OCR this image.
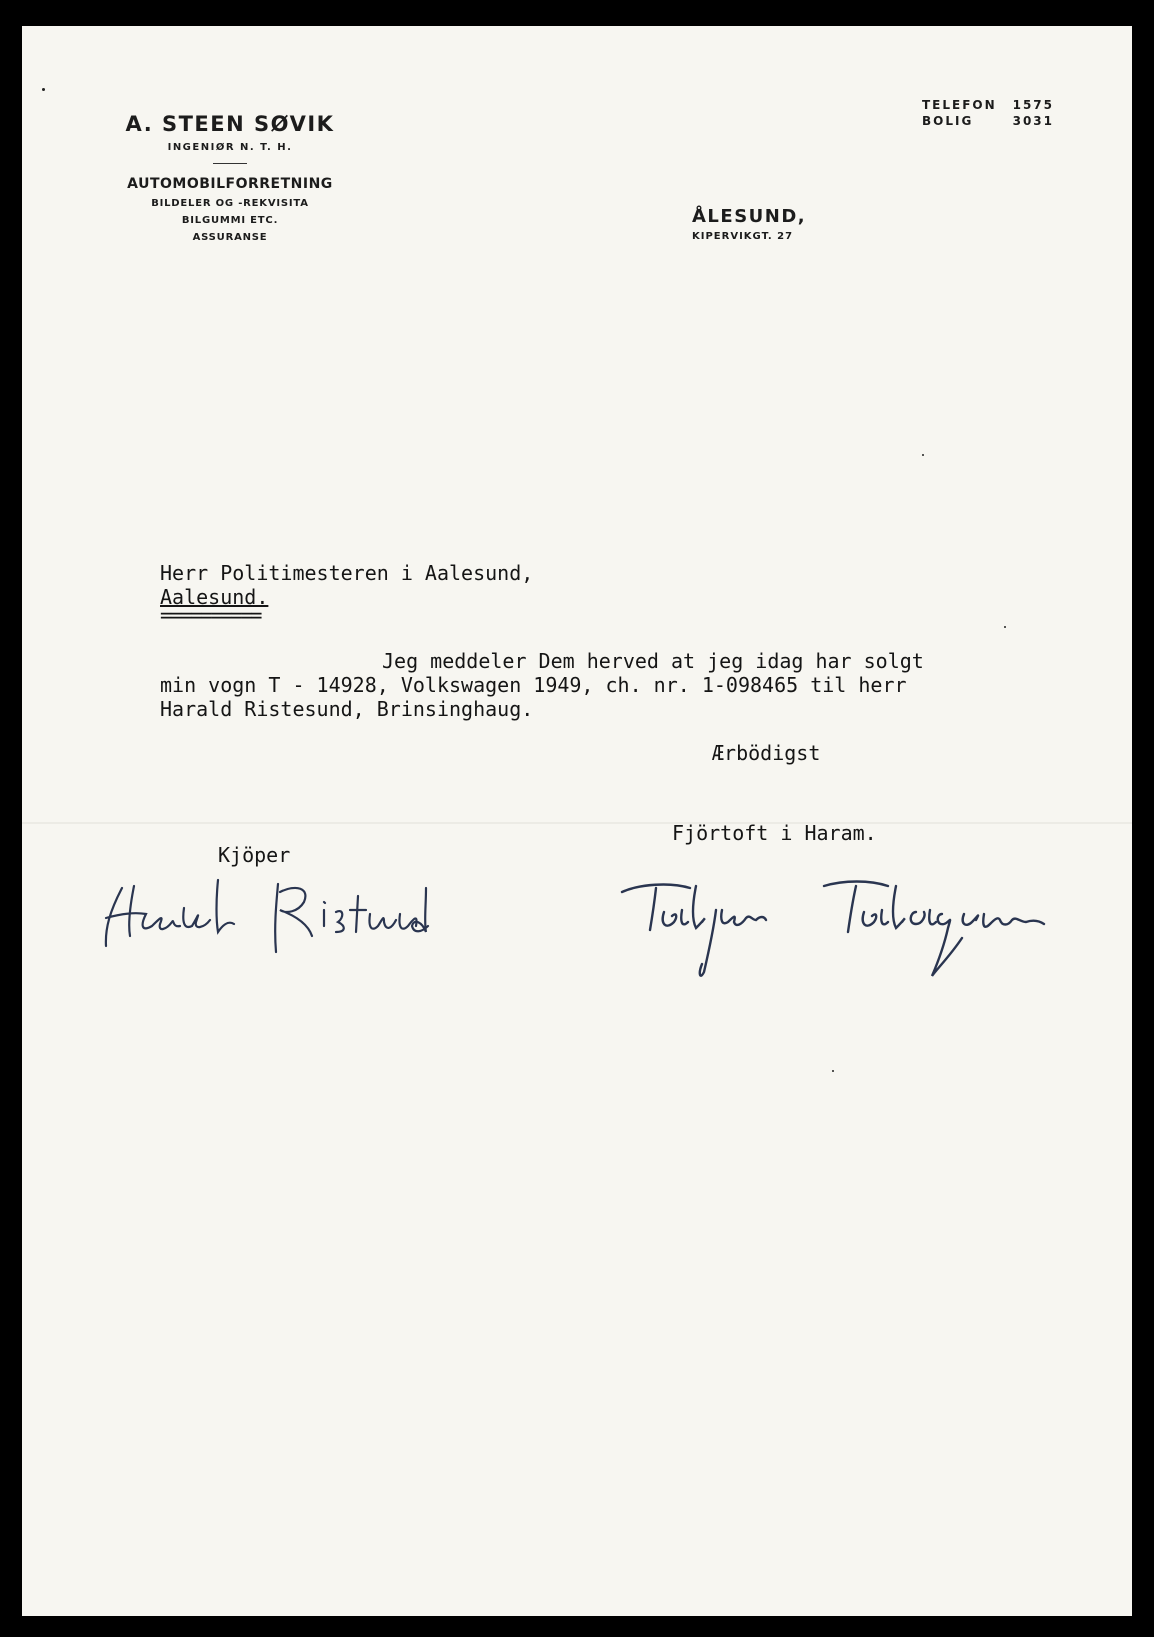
A. STEEN SØVIK
INGENIØR N. T. H.
AUTOMOBILFORRETNING
BILDELER OG -REKVISITA
BILGUMMI ETC.
ASSURANSE
TELEFON 1575
BOLIG	3031
ÅLESUND,
KIPERVIKGT. 27
Herr Politimesteren i Aalesund,
Aalesund.
==========
Jeg meddeler Dem herved at jeg idag har solgt
min vogn T - 14928, Volkswagen 1949, ch. nr. 1-098465 til herr
Harald Ristesund, Brinsinghaug.
Ærbödigst
Fjörtoft i Haram.
Kjöper
